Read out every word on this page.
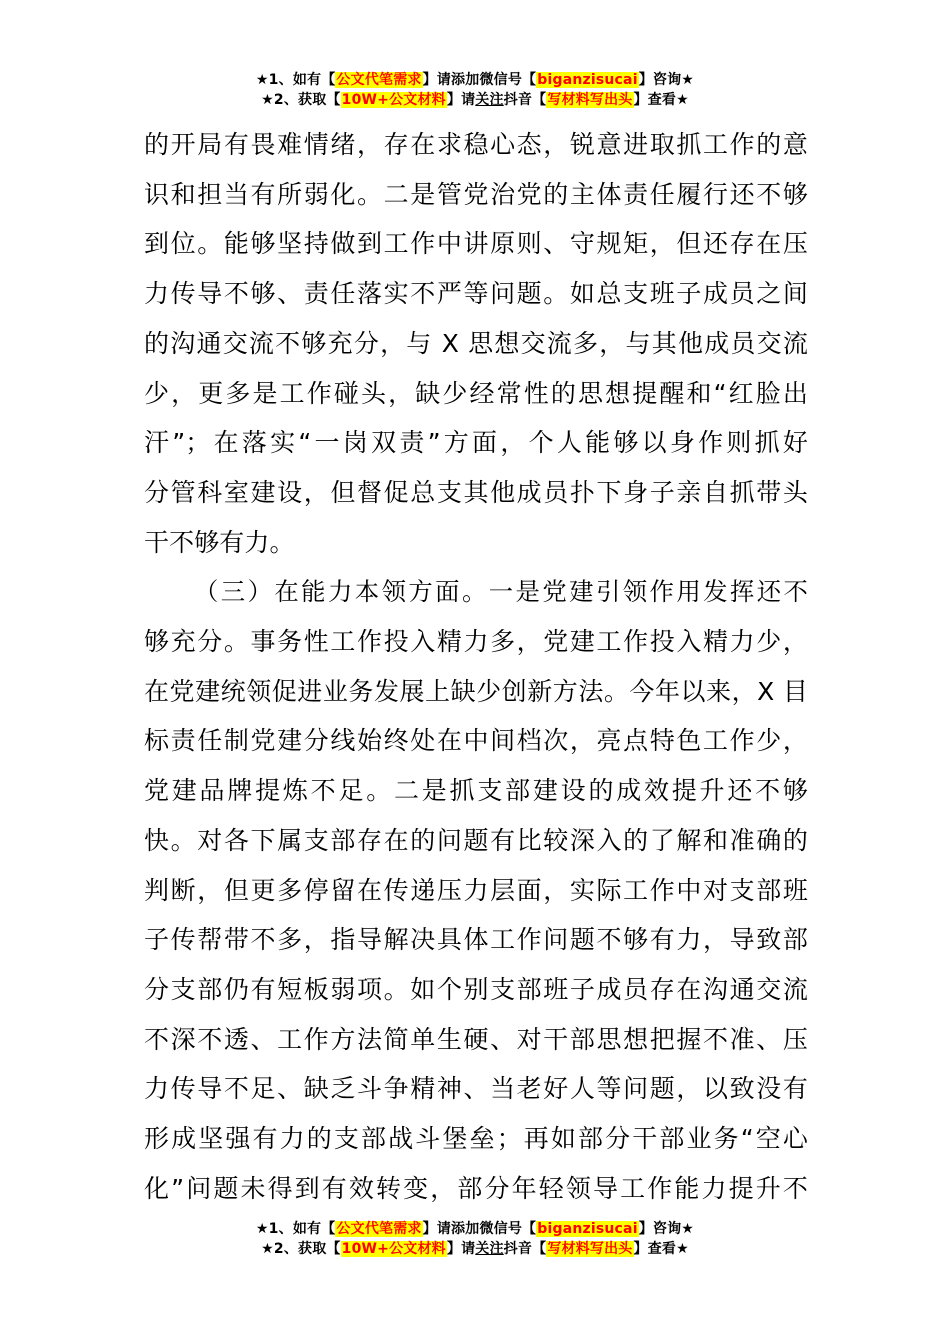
★1、如有【公文代笔需求】请添加微信号【biganzisucai】咨询★
★2、获取【10W+公文材料】请关注抖音【写材料写出头】查看★
的开局有畏难情绪，存在求稳心态，锐意进取抓工作的意
识和担当有所弱化。二是管党治党的主体责任履行还不够
到位。能够坚持做到工作中讲原则、守规矩，但还存在压
力传导不够、责任落实不严等问题。如总支班子成员之间
的沟通交流不够充分，与 X 思想交流多，与其他成员交流
少，更多是工作碰头，缺少经常性的思想提醒和“红脸出
汗”；在落实“一岗双责”方面，个人能够以身作则抓好
分管科室建设，但督促总支其他成员扑下身子亲自抓带头
干不够有力。
（三）在能力本领方面。一是党建引领作用发挥还不
够充分。事务性工作投入精力多，党建工作投入精力少，
在党建统领促进业务发展上缺少创新方法。今年以来，X 目
标责任制党建分线始终处在中间档次，亮点特色工作少，
党建品牌提炼不足。二是抓支部建设的成效提升还不够
快。对各下属支部存在的问题有比较深入的了解和准确的
判断，但更多停留在传递压力层面，实际工作中对支部班
子传帮带不多，指导解决具体工作问题不够有力，导致部
分支部仍有短板弱项。如个别支部班子成员存在沟通交流
不深不透、工作方法简单生硬、对干部思想把握不准、压
力传导不足、缺乏斗争精神、当老好人等问题，以致没有
形成坚强有力的支部战斗堡垒；再如部分干部业务“空心
化”问题未得到有效转变，部分年轻领导工作能力提升不
★1、如有【公文代笔需求】请添加微信号【biganzisucai】咨询★
★2、获取【10W+公文材料】请关注抖音【写材料写出头】查看★
